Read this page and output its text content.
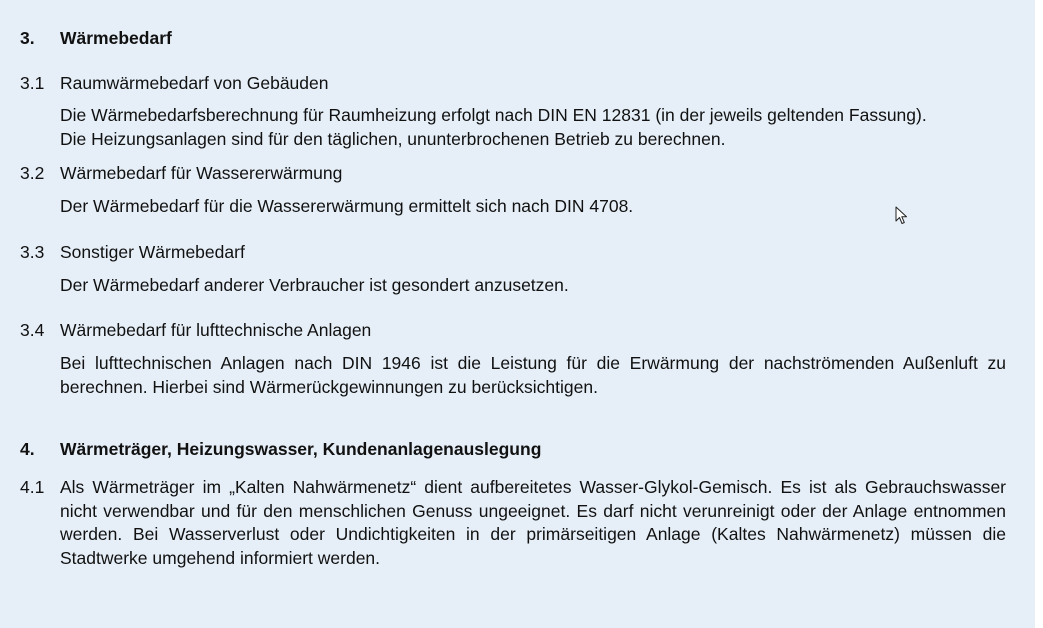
3. Wärmebedarf
3.1 Raumwärmebedarf von Gebäuden
Die Wärmebedarfsberechnung für Raumheizung erfolgt nach DIN EN 12831 (in der jeweils geltenden Fassung).
Die Heizungsanlagen sind für den täglichen, ununterbrochenen Betrieb zu berechnen.
3.2 Wärmebedarf für Wassererwärmung
Der Wärmebedarf für die Wassererwärmung ermittelt sich nach DIN 4708.
3.3 Sonstiger Wärmebedarf
Der Wärmebedarf anderer Verbraucher ist gesondert anzusetzen.
3.4 Wärmebedarf für lufttechnische Anlagen

Bei lufttechnischen Anlagen nach DIN 1946 ist die Leistung für die Erwärmung der nachströmenden Außenluft zu berechnen. Hierbei sind Wärmerückgewinnungen zu berücksichtigen.

4. Wärmeträger, Heizungswasser, Kundenanlagenauslegung
4.1 Als Wärmeträger im „Kalten Nahwärmenetz“ dient aufbereitetes Wasser-Glykol-Gemisch. Es ist als Gebrauchswasser nicht verwendbar und für den menschlichen Genuss ungeeignet. Es darf nicht verunreinigt oder der Anlage entnommen werden. Bei Wasserverlust oder Undichtigkeiten in der primärseitigen Anlage (Kaltes Nahwärmenetz) müssen die Stadtwerke umgehend informiert werden.
